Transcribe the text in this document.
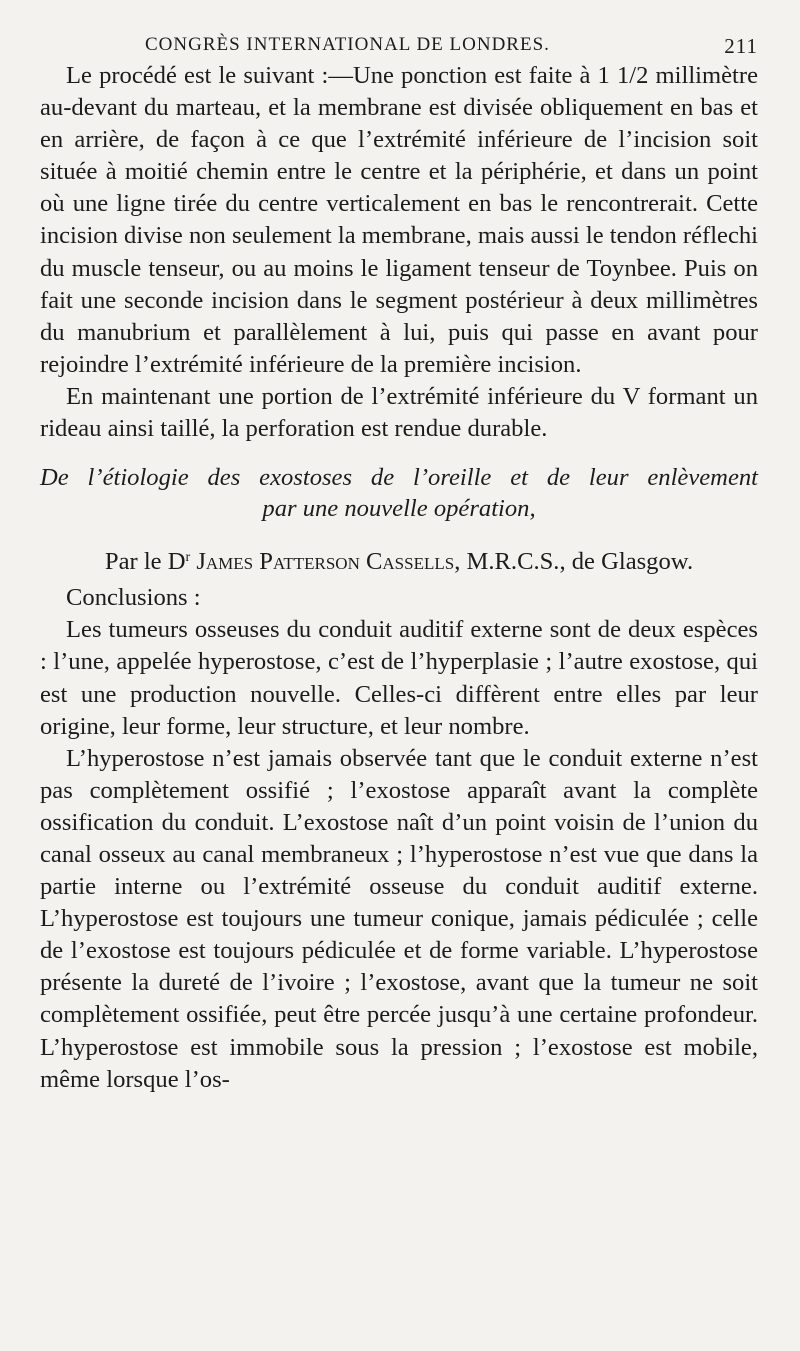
CONGRÈS INTERNATIONAL DE LONDRES.	211

Le procédé est le suivant :—Une ponction est faite à 1 1/2 millimètre au-devant du marteau, et la membrane est divisée obliquement en bas et en arrière, de façon à ce que l’extrémité inférieure de l’incision soit située à moitié chemin entre le centre et la périphérie, et dans un point où une ligne tirée du centre verticalement en bas le rencontrerait. Cette incision divise non seulement la membrane, mais aussi le tendon réflechi du muscle tenseur, ou au moins le ligament tenseur de Toynbee. Puis on fait une seconde incision dans le segment postérieur à deux millimètres du manubrium et parallèlement à lui, puis qui passe en avant pour rejoindre l’extrémité inférieure de la première incision.

En maintenant une portion de l’extrémité inférieure du V formant un rideau ainsi taillé, la perforation est rendue durable.

De l’étiologie des exostoses de l’oreille et de leur enlèvement
par une nouvelle opération,

Par le $D^r$ James Patterson Cassells, M.R.C.S., de Glasgow.

Conclusions :

Les tumeurs osseuses du conduit auditif externe sont de deux espèces : l’une, appelée hyperostose, c’est de l’hyperplasie ; l’autre exostose, qui est une production nouvelle. Celles-ci diffèrent entre elles par leur origine, leur forme, leur structure, et leur nombre.

L’hyperostose n’est jamais observée tant que le conduit externe n’est pas complètement ossifié ; l’exostose apparaît avant la complète ossification du conduit. L’exostose naît d’un point voisin de l’union du canal osseux au canal membraneux ; l’hyperostose n’est vue que dans la partie interne ou l’extrémité osseuse du conduit auditif externe. L’hyperostose est toujours une tumeur conique, jamais pédiculée ; celle de l’exostose est toujours pédiculée et de forme variable. L’hyperostose présente la dureté de l’ivoire ; l’exostose, avant que la tumeur ne soit complètement ossifiée, peut être percée jusqu’à une certaine profondeur. L’hyperostose est immobile sous la pression ; l’exostose est mobile, même lorsque l’os-
